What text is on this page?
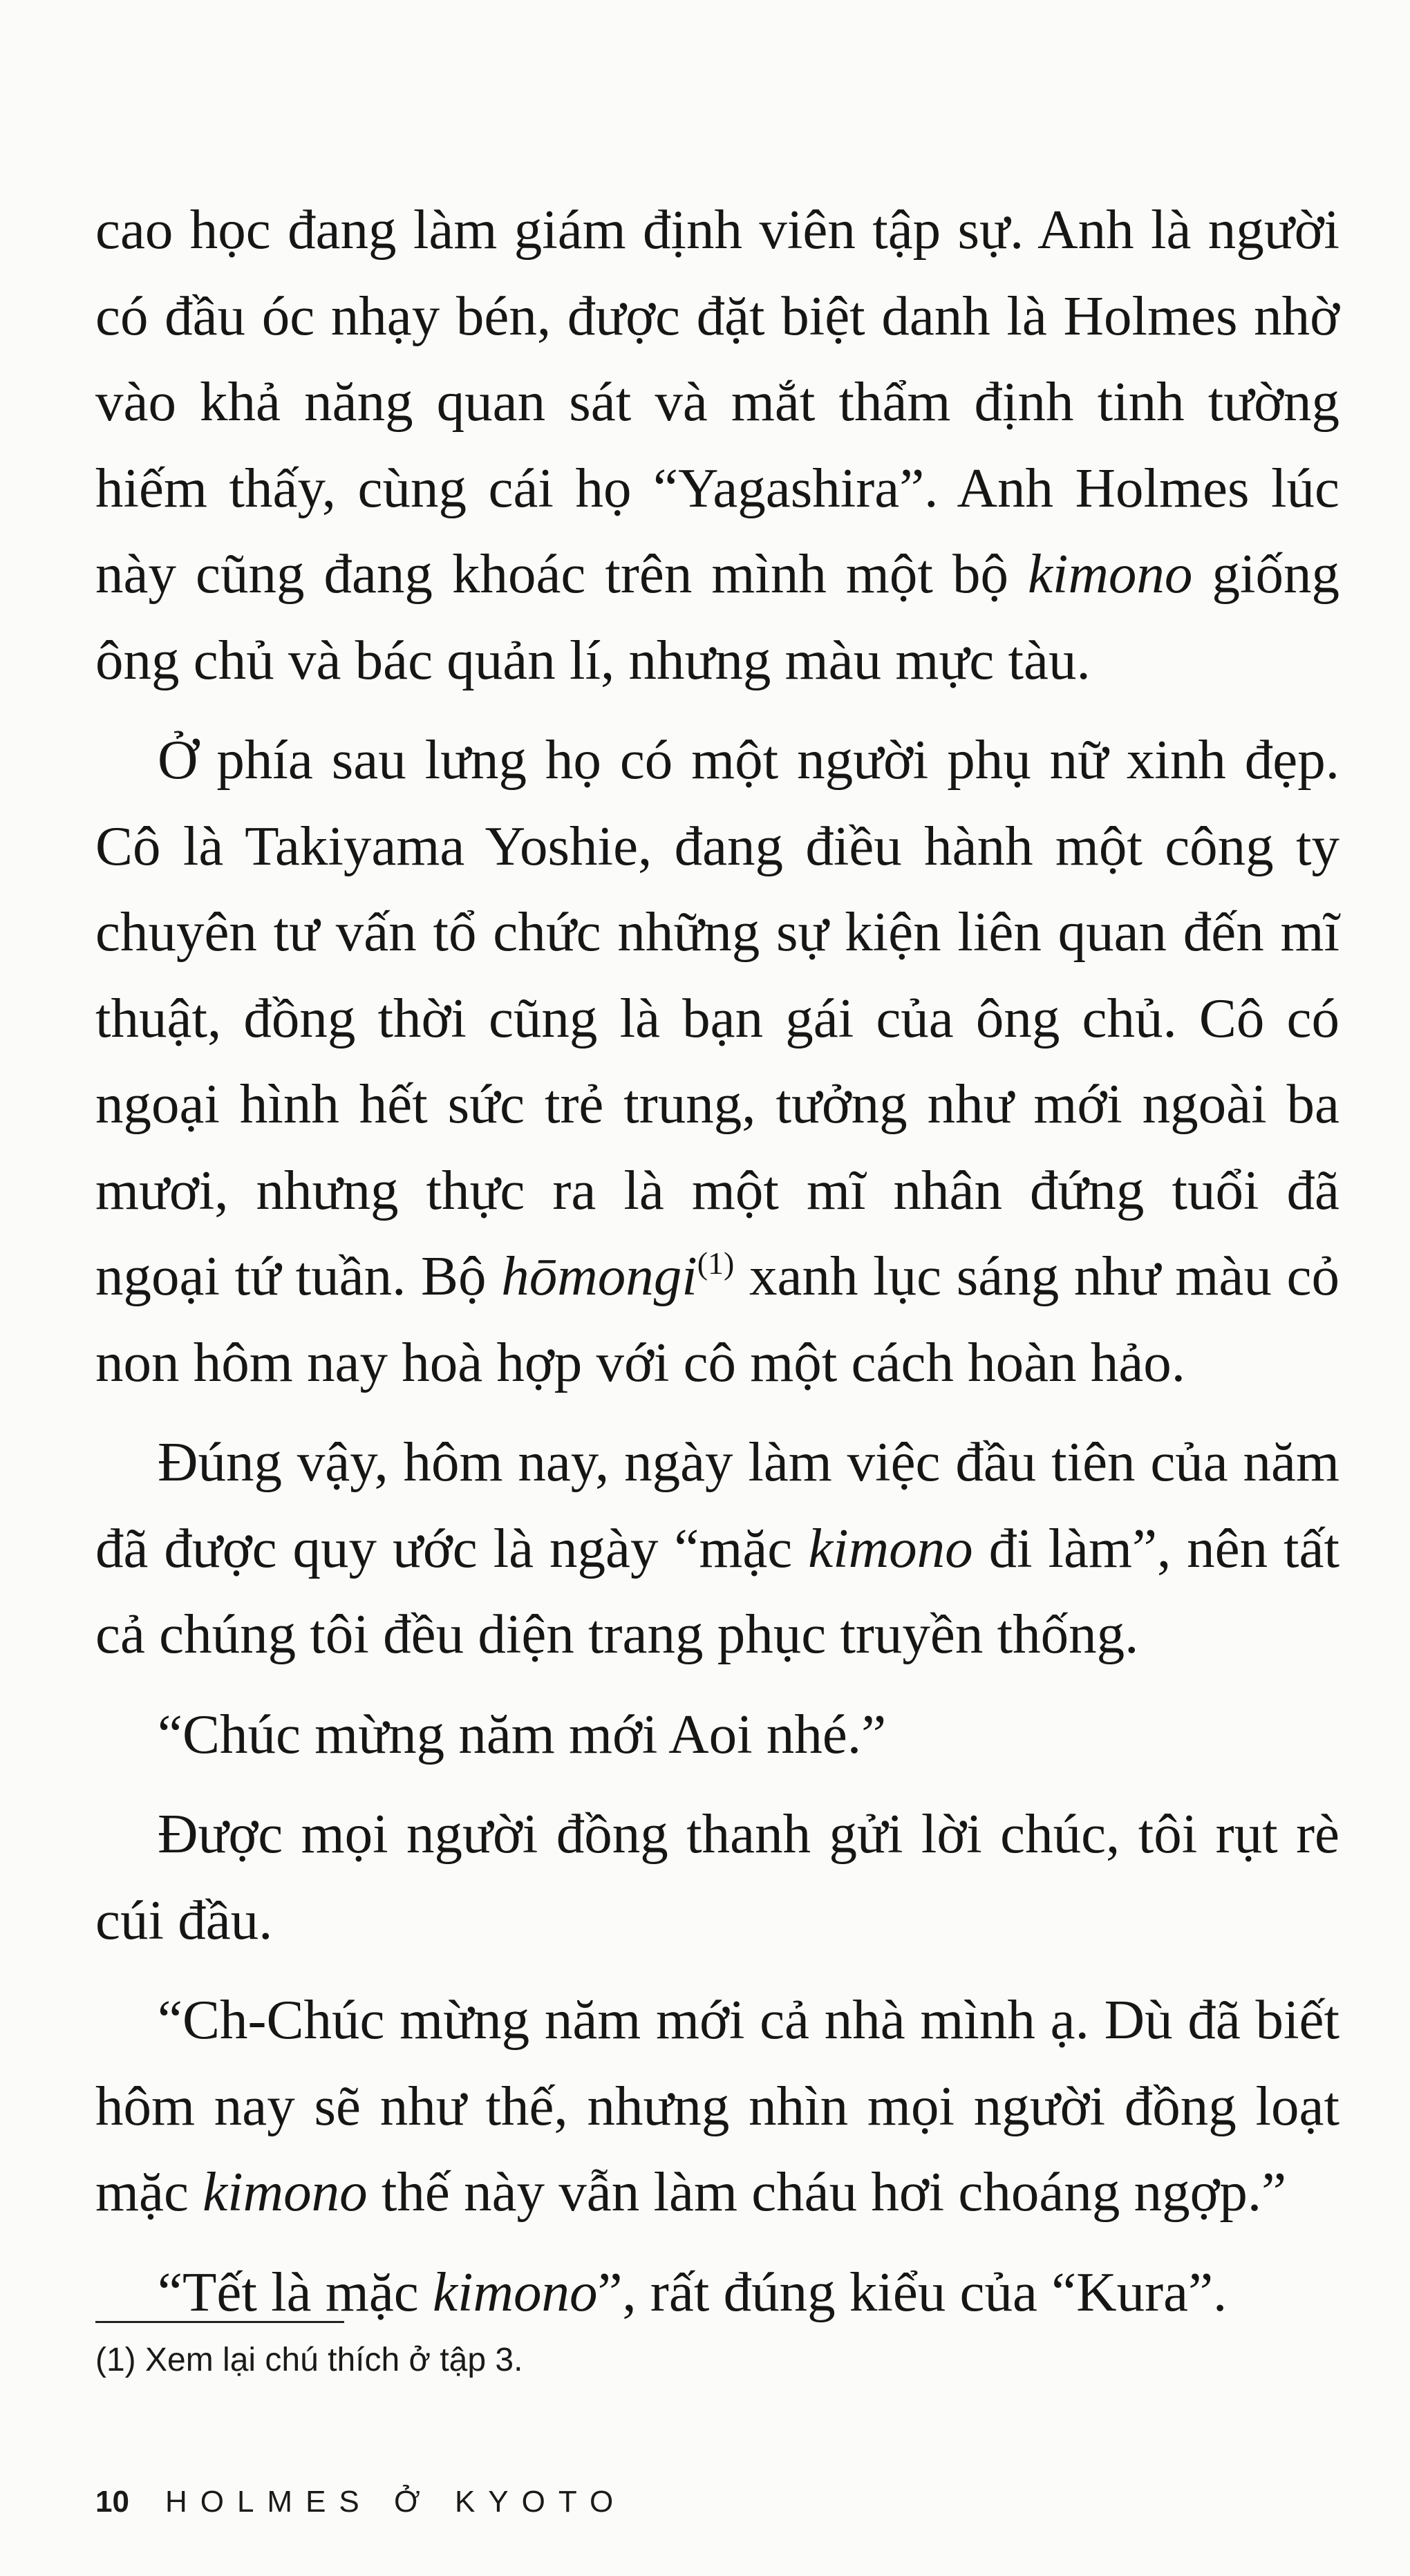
cao học đang làm giám định viên tập sự. Anh là người có đầu óc nhạy bén, được đặt biệt danh là Holmes nhờ vào khả năng quan sát và mắt thẩm định tinh tường hiếm thấy, cùng cái họ “Yagashira”. Anh Holmes lúc này cũng đang khoác trên mình một bộ kimono giống ông chủ và bác quản lí, nhưng màu mực tàu.

Ở phía sau lưng họ có một người phụ nữ xinh đẹp. Cô là Takiyama Yoshie, đang điều hành một công ty chuyên tư vấn tổ chức những sự kiện liên quan đến mĩ thuật, đồng thời cũng là bạn gái của ông chủ. Cô có ngoại hình hết sức trẻ trung, tưởng như mới ngoài ba mươi, nhưng thực ra là một mĩ nhân đứng tuổi đã ngoại tứ tuần. Bộ hōmongi$^{(1)}$ xanh lục sáng như màu cỏ non hôm nay hoà hợp với cô một cách hoàn hảo.

Đúng vậy, hôm nay, ngày làm việc đầu tiên của năm đã được quy ước là ngày “mặc kimono đi làm”, nên tất cả chúng tôi đều diện trang phục truyền thống.

“Chúc mừng năm mới Aoi nhé.”

Được mọi người đồng thanh gửi lời chúc, tôi rụt rè cúi đầu.

“Ch-Chúc mừng năm mới cả nhà mình ạ. Dù đã biết hôm nay sẽ như thế, nhưng nhìn mọi người đồng loạt mặc kimono thế này vẫn làm cháu hơi choáng ngợp.”

“Tết là mặc kimono”, rất đúng kiểu của “Kura”.

(1) Xem lại chú thích ở tập 3.
10 HOLMES Ở KYOTO
